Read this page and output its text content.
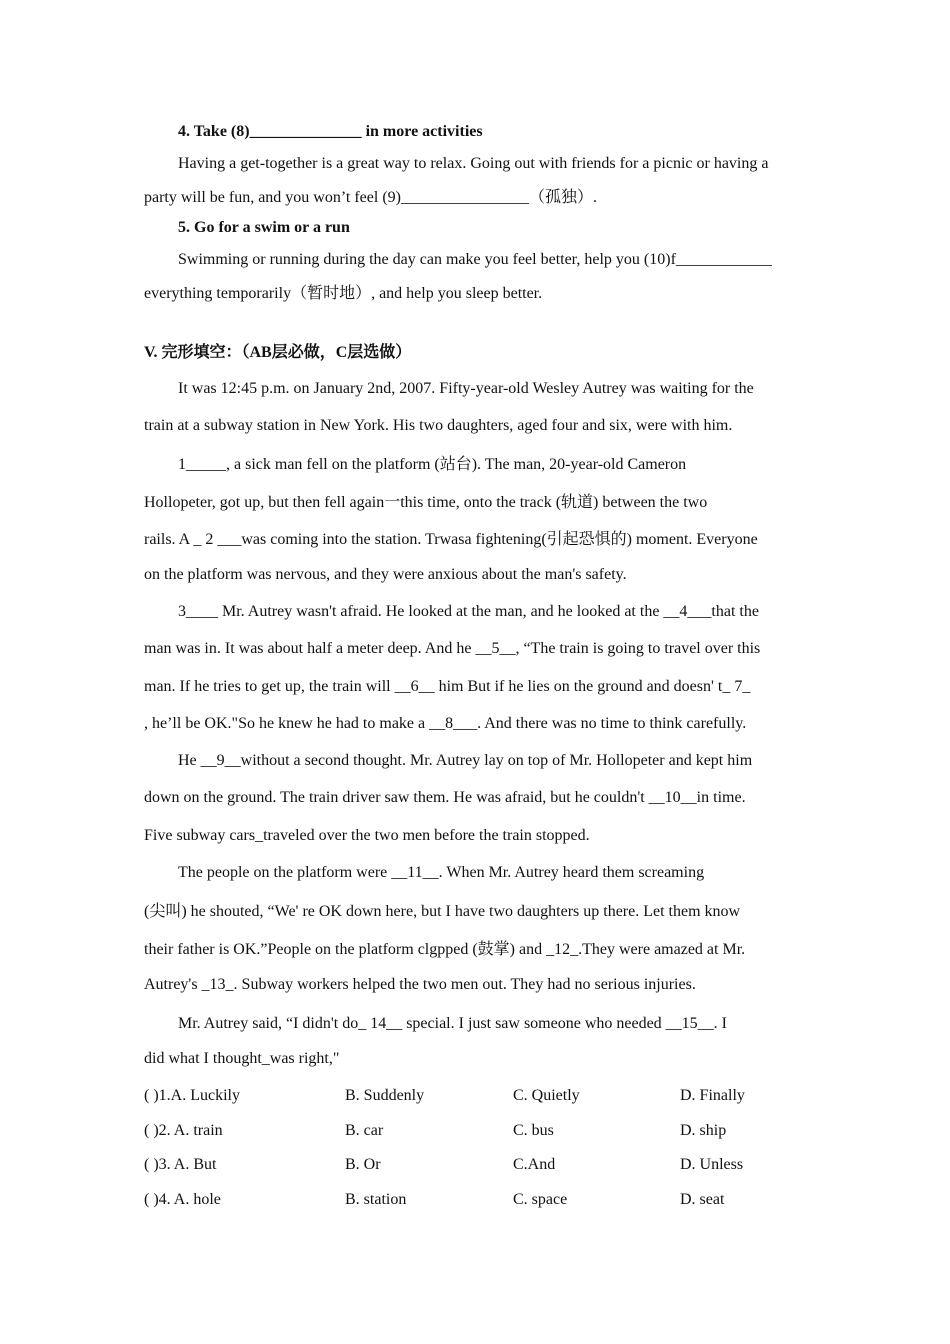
4. Take (8)______________ in more activities
Having a get-together is a great way to relax. Going out with friends for a picnic or having a
party will be fun, and you won’t feel (9)________________（孤独）.
5. Go for a swim or a run
Swimming or running during the day can make you feel better, help you (10)f____________
everything temporarily（暂时地）, and help you sleep better.
V. 完形填空：（AB层必做，C层选做）
It was 12:45 p.m. on January 2nd, 2007. Fifty-year-old Wesley Autrey was waiting for the
train at a subway station in New York. His two daughters, aged four and six, were with him.
1_____, a sick man fell on the platform (站台). The man, 20-year-old Cameron
Hollopeter, got up, but then fell again一this time, onto the track (轨道) between the two
rails. A _ 2 ___was coming into the station. Trwasa fightening(引起恐惧的) moment. Everyone
on the platform was nervous, and they were anxious about the man's safety.
3____ Mr. Autrey wasn't afraid. He looked at the man, and he looked at the __4___that the
man was in. It was about half a meter deep. And he __5__, “The train is going to travel over this
man. If he tries to get up, the train will __6__ him But if he lies on the ground and doesn' t_ 7_
, he’ll be OK."So he knew he had to make a __8___. And there was no time to think carefully.
He __9__without a second thought. Mr. Autrey lay on top of Mr. Hollopeter and kept him
down on the ground. The train driver saw them. He was afraid, but he couldn't __10__in time.
Five subway cars_traveled over the two men before the train stopped.
The people on the platform were __11__. When Mr. Autrey heard them screaming
(尖叫) he shouted, “We' re OK down here, but I have two daughters up there. Let them know
their father is OK.”People on the platform clgpped (鼓掌) and _12_.They were amazed at Mr.
Autrey's _13_. Subway workers helped the two men out. They had no serious injuries.
Mr. Autrey said, “I didn't do_ 14__ special. I just saw someone who needed __15__. I
did what I thought_was right,"
( )1.A. Luckily	B. Suddenly	C. Quietly	D. Finally
( )2. A. train	B. car	C. bus	D. ship
( )3. A. But	B. Or	C.And	D. Unless
( )4. A. hole	B. station	C. space	D. seat
